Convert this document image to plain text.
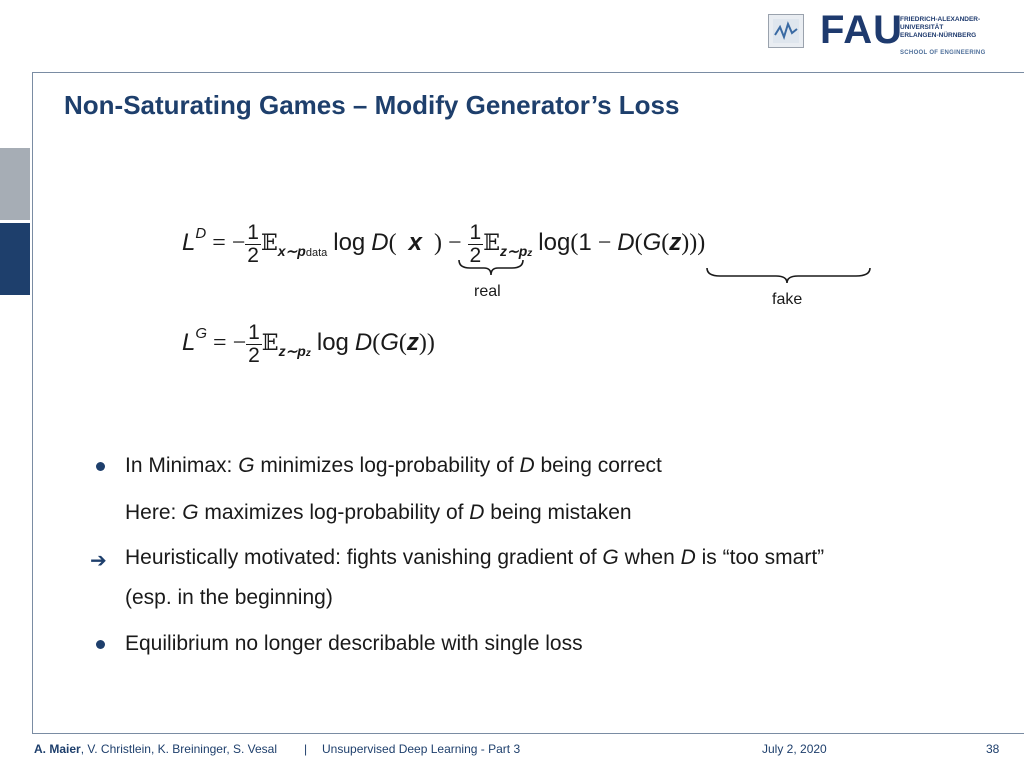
FAU
FRIEDRICH-ALEXANDER-
UNIVERSITÄT
ERLANGEN-NÜRNBERG
SCHOOL OF ENGINEERING
Non-Saturating Games – Modify Generator’s Loss
$L^D$ = − $\frac{1}{2}$ 𝔼$_{x\sim pdata}$ log D(  x  ) − $\frac{1}{2}$ 𝔼$_{z\sim pz}$ log(1 − D(G(z)))
real	fake
$L^G$ = − $\frac{1}{2}$ 𝔼$_{z\sim pz}$ log D(G(z))
In Minimax: G minimizes log-probability of D being correct
Here: G maximizes log-probability of D being mistaken
➔ Heuristically motivated: fights vanishing gradient of G when D is “too smart”
(esp. in the beginning)
Equilibrium no longer describable with single loss
A. Maier, V. Christlein, K. Breininger, S. Vesal | Unsupervised Deep Learning - Part 3	July 2, 2020	38
